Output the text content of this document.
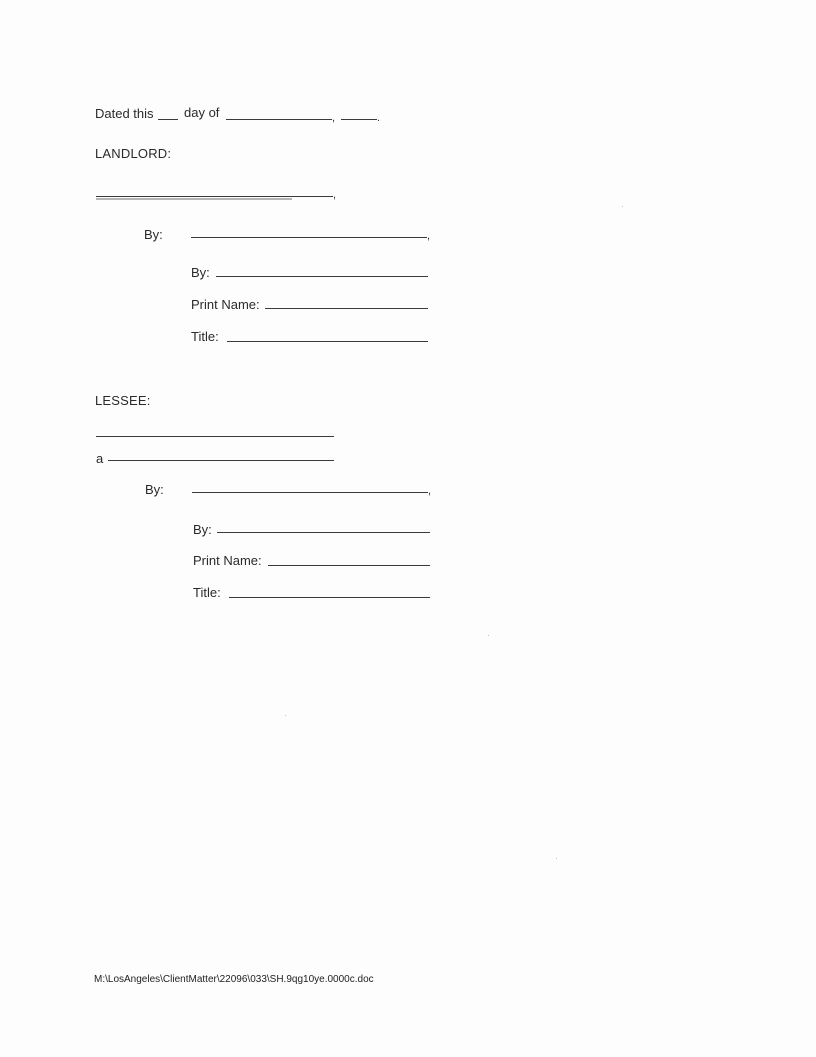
Dated this day of	,	.
LANDLORD:
,
By:	,
By:
Print Name:
Title:
LESSEE:
a
By:	,
By:
Print Name:
Title:
M:\LosAngeles\ClientMatter\22096\033\SH.9qg10ye.0000c.doc
